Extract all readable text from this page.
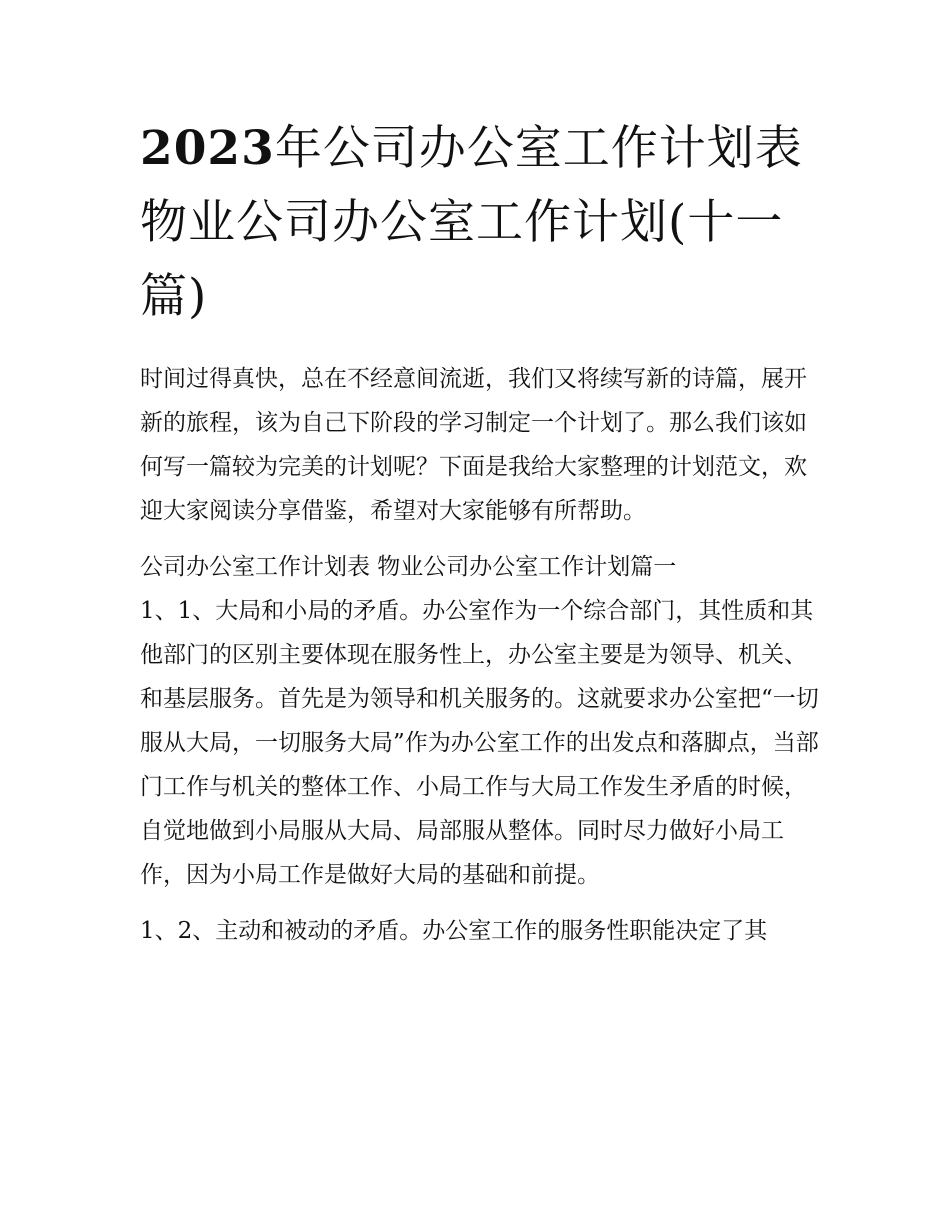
2023年公司办公室工作计划表物业公司办公室工作计划(十一篇)

时间过得真快，总在不经意间流逝，我们又将续写新的诗篇，展开新的旅程，该为自己下阶段的学习制定一个计划了。那么我们该如何写一篇较为完美的计划呢？下面是我给大家整理的计划范文，欢迎大家阅读分享借鉴，希望对大家能够有所帮助。

公司办公室工作计划表 物业公司办公室工作计划篇一

1、1、大局和小局的矛盾。办公室作为一个综合部门，其性质和其他部门的区别主要体现在服务性上，办公室主要是为领导、机关、和基层服务。首先是为领导和机关服务的。这就要求办公室把“一切服从大局，一切服务大局”作为办公室工作的出发点和落脚点，当部门工作与机关的整体工作、小局工作与大局工作发生矛盾的时候，自觉地做到小局服从大局、局部服从整体。同时尽力做好小局工作，因为小局工作是做好大局的基础和前提。

1、2、主动和被动的矛盾。办公室工作的服务性职能决定了其
